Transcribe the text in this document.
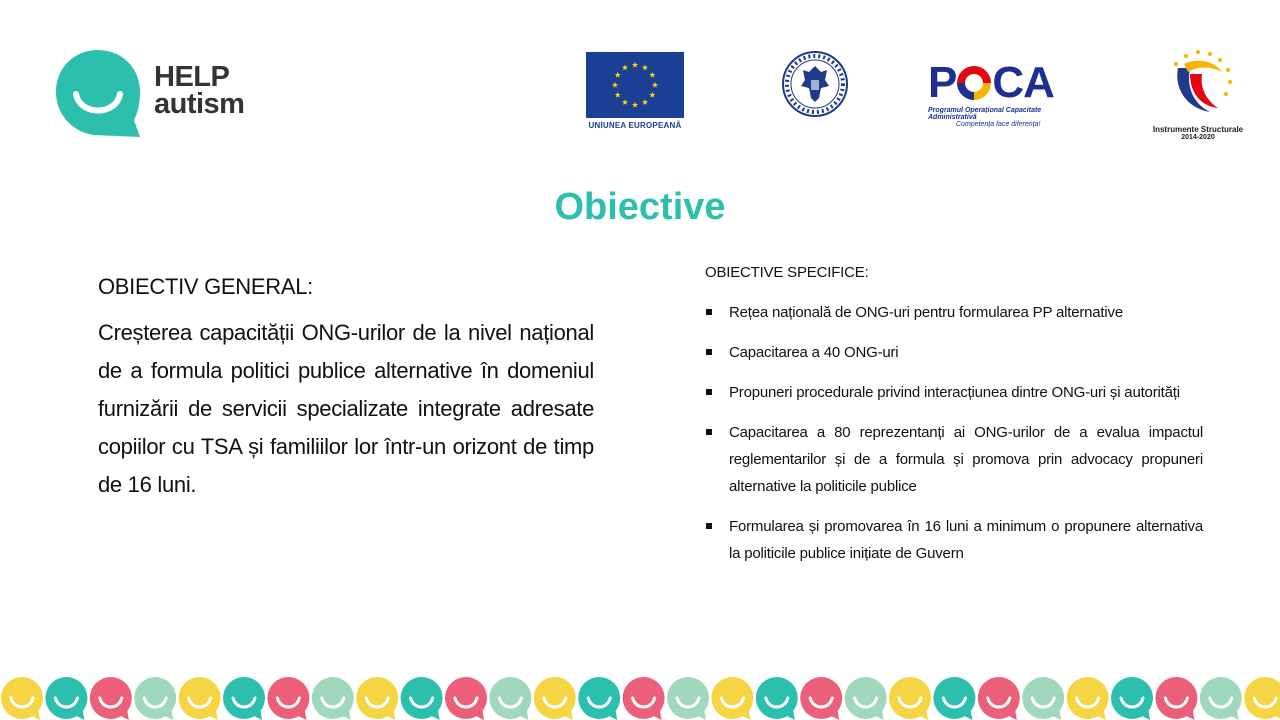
HELP
autism
UNIUNEA EUROPEANĂ
P CA
Programul Operațional Capacitate Administrativă
Competența face diferența!
Instrumente Structurale
2014-2020
Obiective
OBIECTIV GENERAL:
Creșterea capacității ONG-urilor de la nivel național de a formula politici publice alternative în domeniul furnizării de servicii specializate integrate adresate copiilor cu TSA și familiilor lor într-un orizont de timp de 16 luni.
OBIECTIVE SPECIFICE:
Rețea națională de ONG-uri pentru formularea PP alternative
Capacitarea a 40 ONG-uri
Propuneri procedurale privind interacțiunea dintre ONG-uri și autorități
Capacitarea a 80 reprezentanți ai ONG-urilor de a evalua impactul reglementarilor și de a formula și promova prin advocacy propuneri alternative la politicile publice
Formularea și promovarea în 16 luni a minimum o propunere alternativa la politicile publice inițiate de Guvern
